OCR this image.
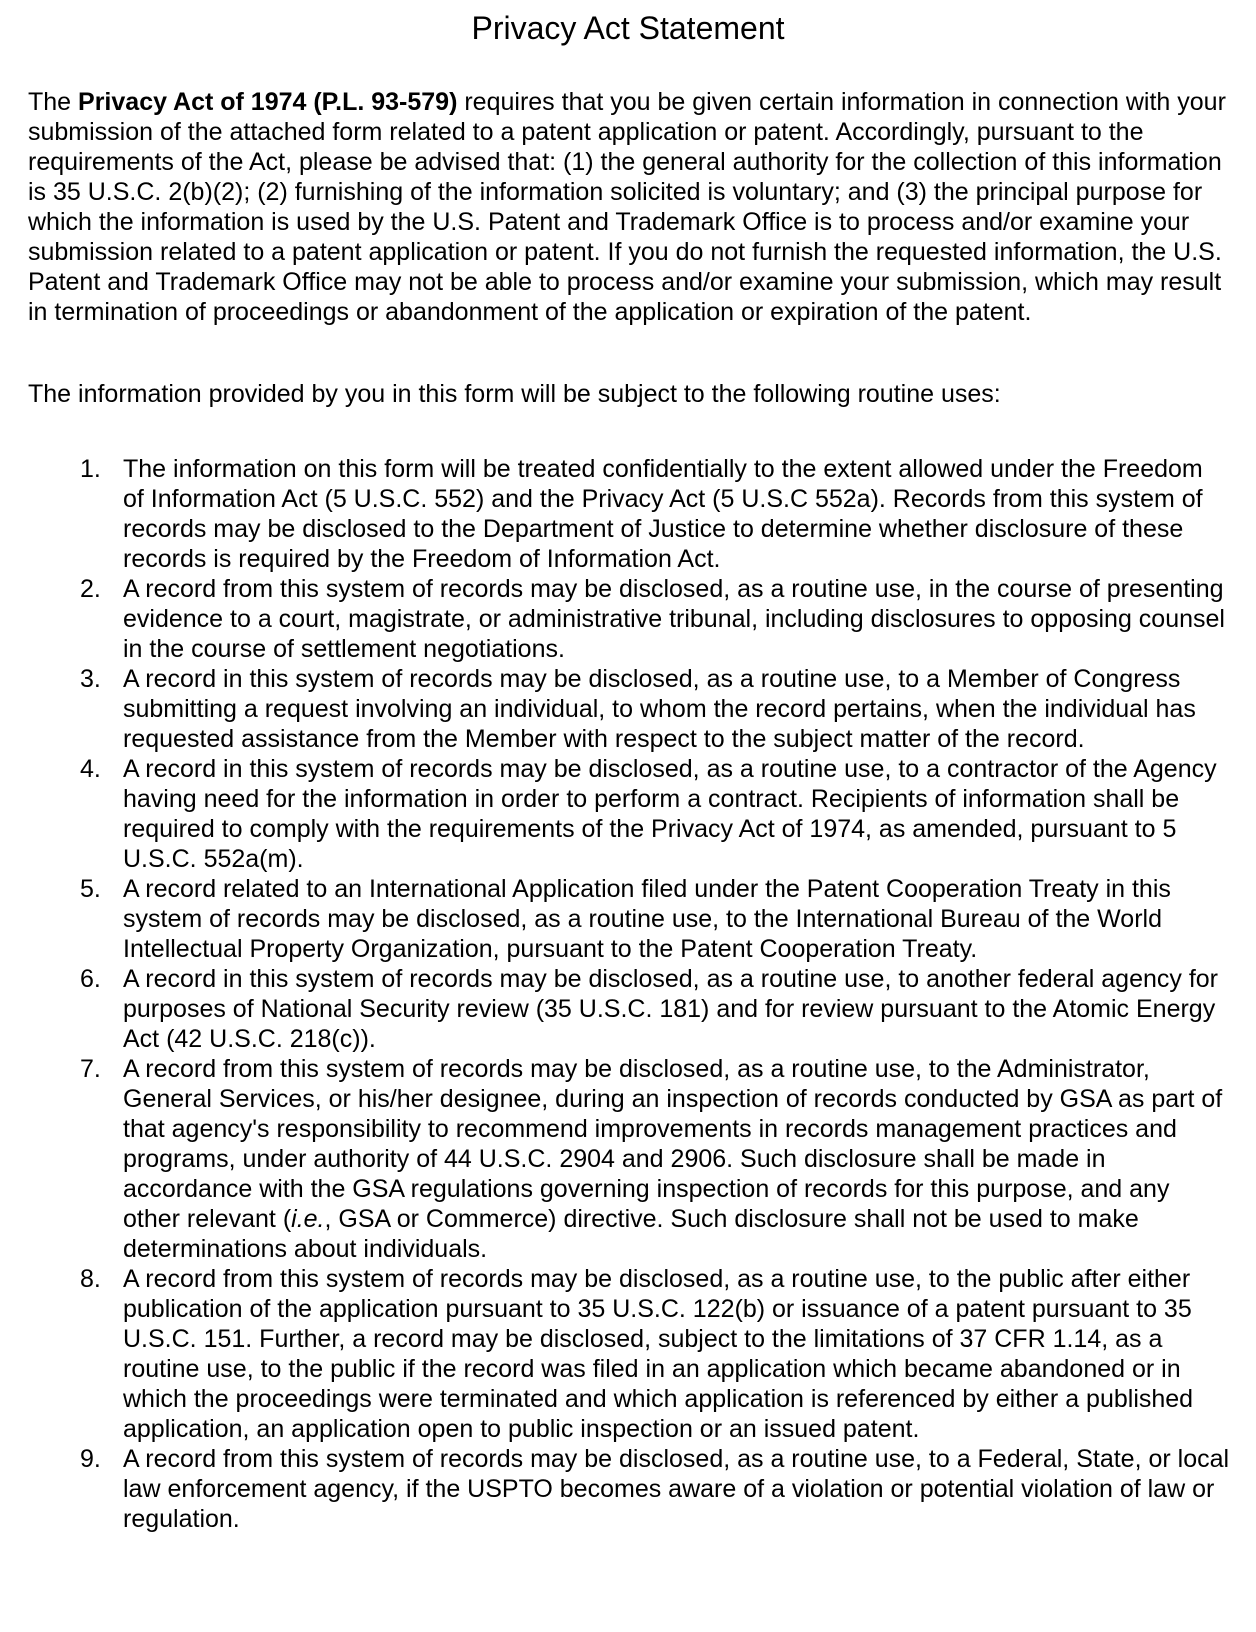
Privacy Act Statement

The Privacy Act of 1974 (P.L. 93-579) requires that you be given certain information in connection with your submission of the attached form related to a patent application or patent. Accordingly, pursuant to the requirements of the Act, please be advised that: (1) the general authority for the collection of this information is 35 U.S.C. 2(b)(2); (2) furnishing of the information solicited is voluntary; and (3) the principal purpose for which the information is used by the U.S. Patent and Trademark Office is to process and/or examine your submission related to a patent application or patent. If you do not furnish the requested information, the U.S. Patent and Trademark Office may not be able to process and/or examine your submission, which may result in termination of proceedings or abandonment of the application or expiration of the patent.

The information provided by you in this form will be subject to the following routine uses:

1. The information on this form will be treated confidentially to the extent allowed under the Freedom of Information Act (5 U.S.C. 552) and the Privacy Act (5 U.S.C 552a). Records from this system of records may be disclosed to the Department of Justice to determine whether disclosure of these records is required by the Freedom of Information Act.
2. A record from this system of records may be disclosed, as a routine use, in the course of presenting evidence to a court, magistrate, or administrative tribunal, including disclosures to opposing counsel in the course of settlement negotiations.
3. A record in this system of records may be disclosed, as a routine use, to a Member of Congress submitting a request involving an individual, to whom the record pertains, when the individual has requested assistance from the Member with respect to the subject matter of the record.
4. A record in this system of records may be disclosed, as a routine use, to a contractor of the Agency having need for the information in order to perform a contract. Recipients of information shall be required to comply with the requirements of the Privacy Act of 1974, as amended, pursuant to 5 U.S.C. 552a(m).
5. A record related to an International Application filed under the Patent Cooperation Treaty in this system of records may be disclosed, as a routine use, to the International Bureau of the World Intellectual Property Organization, pursuant to the Patent Cooperation Treaty.
6. A record in this system of records may be disclosed, as a routine use, to another federal agency for purposes of National Security review (35 U.S.C. 181) and for review pursuant to the Atomic Energy Act (42 U.S.C. 218(c)).
7. A record from this system of records may be disclosed, as a routine use, to the Administrator, General Services, or his/her designee, during an inspection of records conducted by GSA as part of that agency's responsibility to recommend improvements in records management practices and programs, under authority of 44 U.S.C. 2904 and 2906. Such disclosure shall be made in accordance with the GSA regulations governing inspection of records for this purpose, and any other relevant (i.e., GSA or Commerce) directive. Such disclosure shall not be used to make determinations about individuals.
8. A record from this system of records may be disclosed, as a routine use, to the public after either publication of the application pursuant to 35 U.S.C. 122(b) or issuance of a patent pursuant to 35 U.S.C. 151. Further, a record may be disclosed, subject to the limitations of 37 CFR 1.14, as a routine use, to the public if the record was filed in an application which became abandoned or in which the proceedings were terminated and which application is referenced by either a published application, an application open to public inspection or an issued patent.
9. A record from this system of records may be disclosed, as a routine use, to a Federal, State, or local law enforcement agency, if the USPTO becomes aware of a violation or potential violation of law or regulation.
